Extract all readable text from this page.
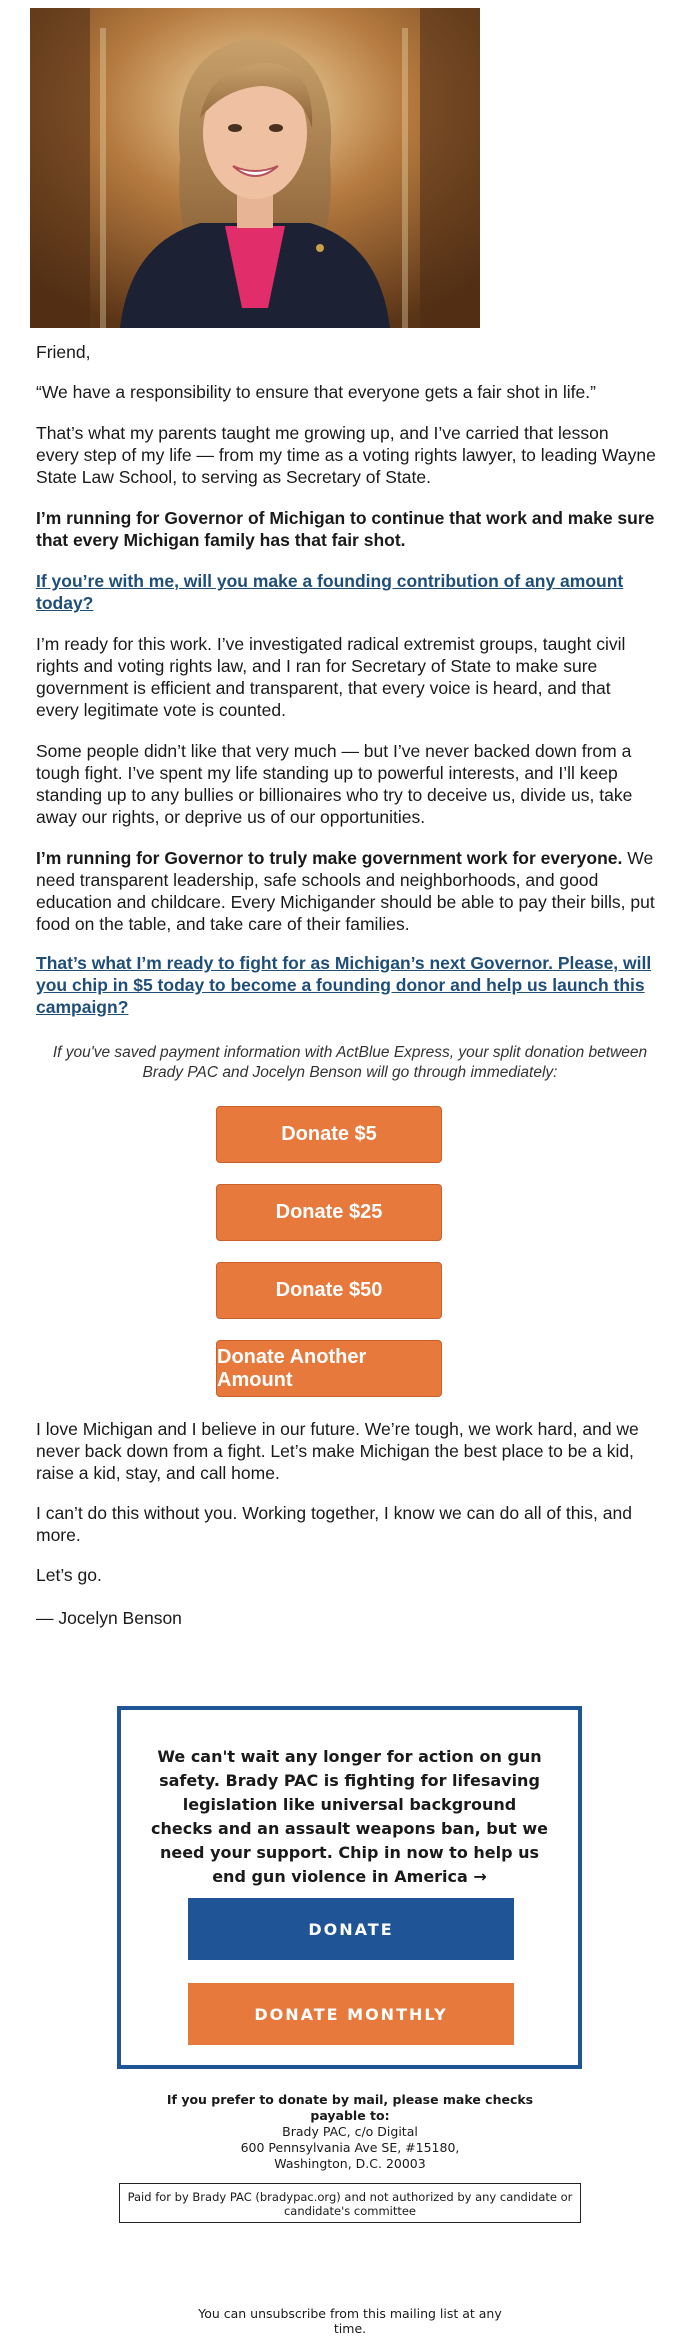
Friend,

“We have a responsibility to ensure that everyone gets a fair shot in life.”

That’s what my parents taught me growing up, and I’ve carried that lesson every step of my life — from my time as a voting rights lawyer, to leading Wayne State Law School, to serving as Secretary of State.

I’m running for Governor of Michigan to continue that work and make sure that every Michigan family has that fair shot.

If you’re with me, will you make a founding contribution of any amount today?

I’m ready for this work. I’ve investigated radical extremist groups, taught civil rights and voting rights law, and I ran for Secretary of State to make sure government is efficient and transparent, that every voice is heard, and that every legitimate vote is counted.

Some people didn’t like that very much — but I’ve never backed down from a tough fight. I’ve spent my life standing up to powerful interests, and I’ll keep standing up to any bullies or billionaires who try to deceive us, divide us, take away our rights, or deprive us of our opportunities.

I’m running for Governor to truly make government work for everyone. We need transparent leadership, safe schools and neighborhoods, and good education and childcare. Every Michigander should be able to pay their bills, put food on the table, and take care of their families.

That’s what I’m ready to fight for as Michigan’s next Governor. Please, will you chip in $5 today to become a founding donor and help us launch this campaign?
If you've saved payment information with ActBlue Express, your split donation between Brady PAC and Jocelyn Benson will go through immediately:
Donate $5
Donate $25
Donate $50
Donate Another Amount

I love Michigan and I believe in our future. We’re tough, we work hard, and we never back down from a fight. Let’s make Michigan the best place to be a kid, raise a kid, stay, and call home.

I can’t do this without you. Working together, I know we can do all of this, and more.

Let’s go.

— Jocelyn Benson

We can't wait any longer for action on gun safety. Brady PAC is fighting for lifesaving legislation like universal background checks and an assault weapons ban, but we need your support. Chip in now to help us end gun violence in America →
DONATE
DONATE MONTHLY
If you prefer to donate by mail, please make checks payable to:
Brady PAC, c/o Digital
600 Pennsylvania Ave SE, #15180,
Washington, D.C. 20003
Paid for by Brady PAC (bradypac.org) and not authorized by any candidate or candidate's committee
You can unsubscribe from this mailing list at any time.
